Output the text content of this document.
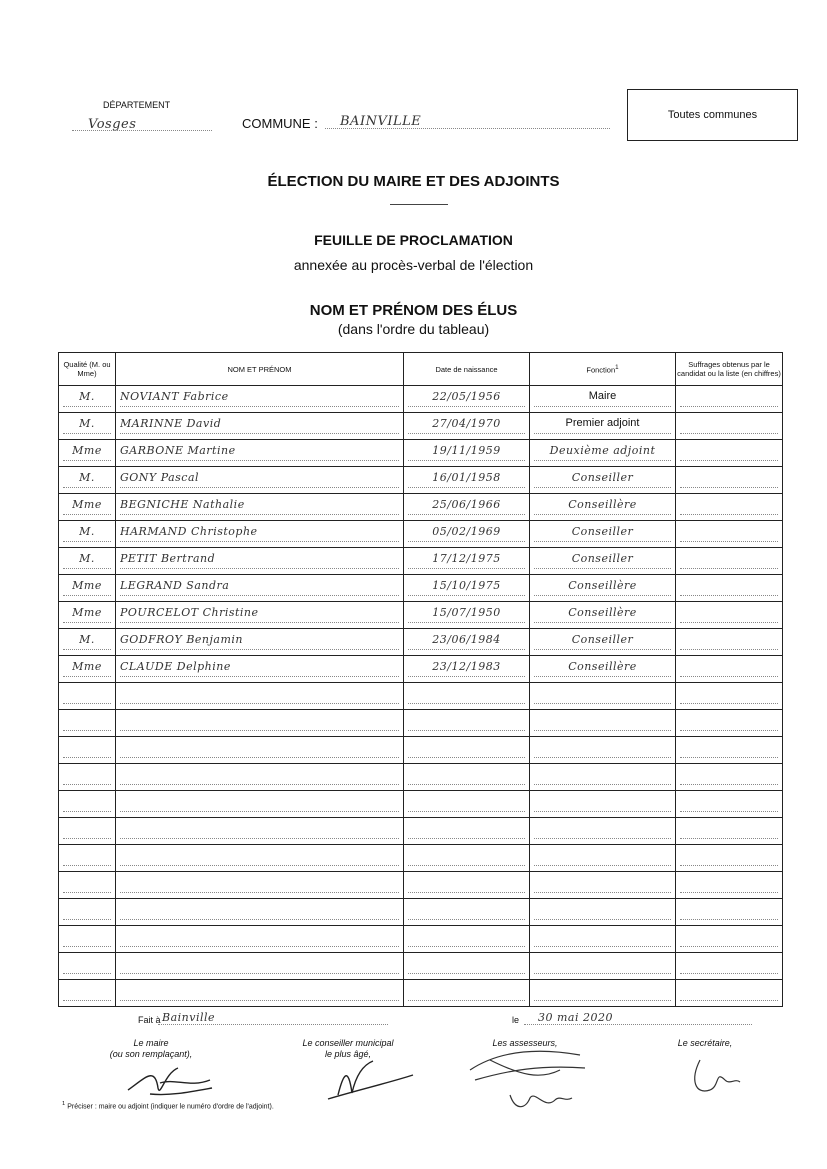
DÉPARTEMENT
Vosges	COMMUNE : BAINVILLE	Toutes communes
ÉLECTION DU MAIRE ET DES ADJOINTS
FEUILLE DE PROCLAMATION
annexée au procès-verbal de l'élection
NOM ET PRÉNOM DES ÉLUS
(dans l'ordre du tableau)
Qualité (M. ou Mme)	NOM ET PRÉNOM	Date de naissance	Fonction$^1$	Suffrages obtenus par le candidat ou la liste (en chiffres)

M.	NOVIANT Fabrice	22/05/1956	Maire	

M.	MARINNE David	27/04/1970	Premier adjoint	

Mme	GARBONE Martine	19/11/1959	Deuxième adjoint	

M.	GONY Pascal	16/01/1958	Conseiller	

Mme	BEGNICHE Nathalie	25/06/1966	Conseillère	

M.	HARMAND Christophe	05/02/1969	Conseiller	

M.	PETIT Bertrand	17/12/1975	Conseiller	

Mme	LEGRAND Sandra	15/10/1975	Conseillère	

Mme	POURCELOT Christine	15/07/1950	Conseillère	

M.	GODFROY Benjamin	23/06/1984	Conseiller	

Mme	CLAUDE Delphine	23/12/1983	Conseillère	

Fait à Bainville	le 30 mai 2020
Le maire
(ou son remplaçant),
Le conseiller municipal
le plus âgé,
Les assesseurs,	Le secrétaire,
$^1$ Préciser : maire ou adjoint (indiquer le numéro d'ordre de l'adjoint).
